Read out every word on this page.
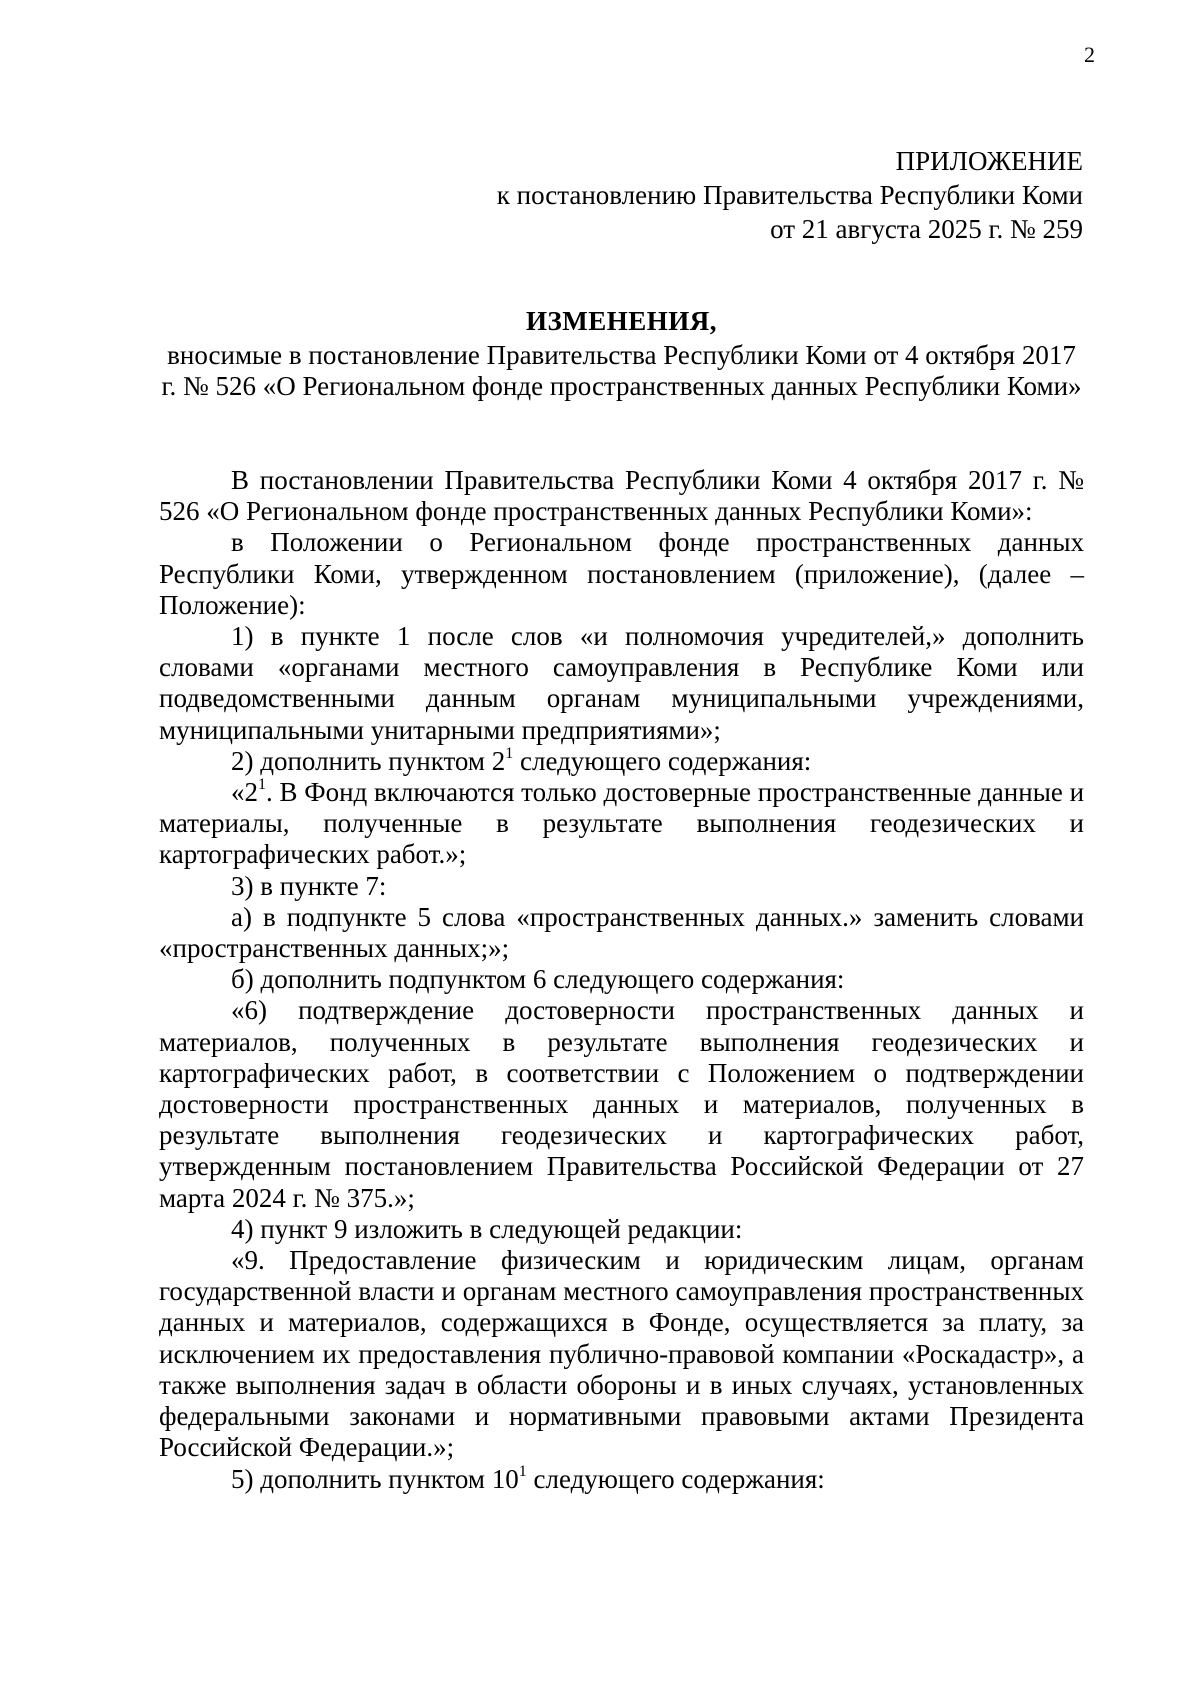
2
ПРИЛОЖЕНИЕ
к постановлению Правительства Республики Коми
от 21 августа 2025 г. № 259
ИЗМЕНЕНИЯ,
вносимые в постановление Правительства Республики Коми от 4 октября 2017 г. № 526 «О Региональном фонде пространственных данных Республики Коми»

В постановлении Правительства Республики Коми 4 октября 2017 г. № 526 «О Региональном фонде пространственных данных Республики Коми»:

в Положении о Региональном фонде пространственных данных Республики Коми, утвержденном постановлением (приложение), (далее – Положение):

1) в пункте 1 после слов «и полномочия учредителей,» дополнить словами «органами местного самоуправления в Республике Коми или подведомственными данным органам муниципальными учреждениями, муниципальными унитарными предприятиями»;

2) дополнить пунктом $2^1$ следующего содержания:

«$2^1$. В Фонд включаются только достоверные пространственные данные и материалы, полученные в результате выполнения геодезических и картографических работ.»;

3) в пункте 7:

а) в подпункте 5 слова «пространственных данных.» заменить словами «пространственных данных;»;

б) дополнить подпунктом 6 следующего содержания:

«6) подтверждение достоверности пространственных данных и материалов, полученных в результате выполнения геодезических и картографических работ, в соответствии с Положением о подтверждении достоверности пространственных данных и материалов, полученных в результате выполнения геодезических и картографических работ, утвержденным постановлением Правительства Российской Федерации от 27 марта 2024 г. № 375.»;

4) пункт 9 изложить в следующей редакции:

«9. Предоставление физическим и юридическим лицам, органам государственной власти и органам местного самоуправления пространственных данных и материалов, содержащихся в Фонде, осуществляется за плату, за исключением их предоставления публично-правовой компании «Роскадастр», а также выполнения задач в области обороны и в иных случаях, установленных федеральными законами и нормативными правовыми актами Президента Российской Федерации.»;

5) дополнить пунктом $10^1$ следующего содержания:
